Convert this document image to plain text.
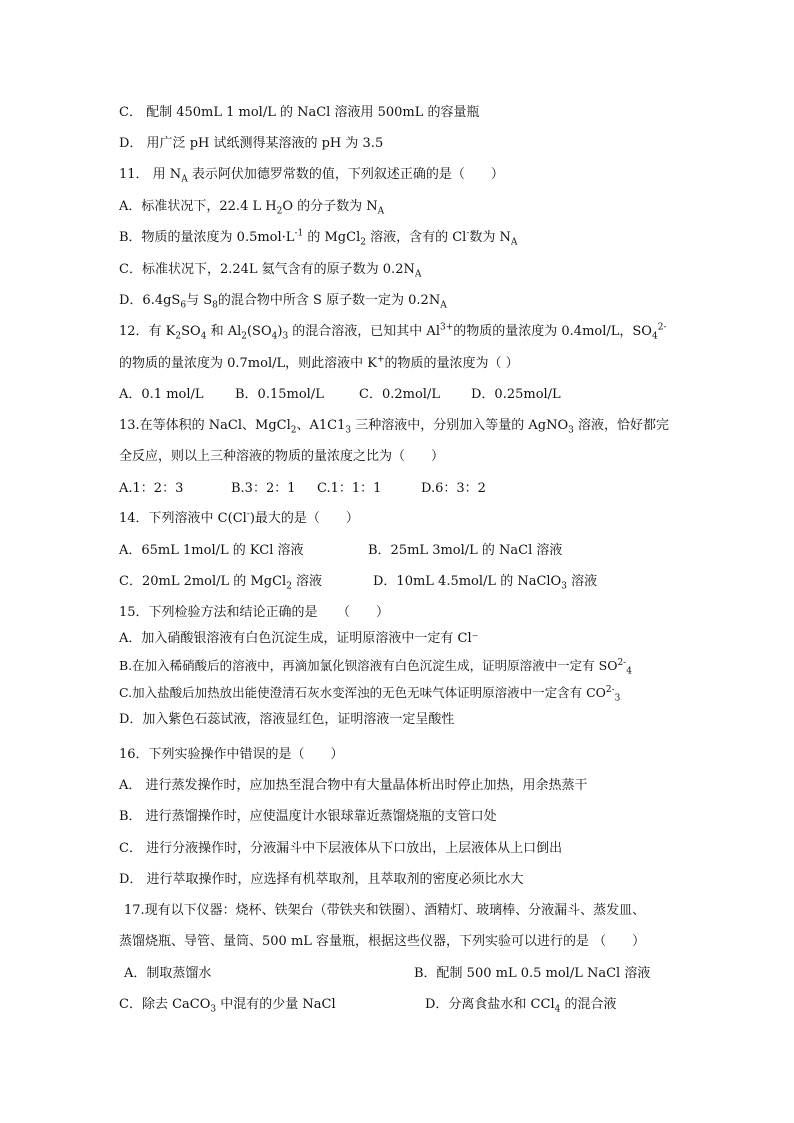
C． 配制 450mL 1 mol/L 的 NaCl 溶液用 500mL 的容量瓶
D． 用广泛 pH 试纸测得某溶液的 pH 为 3.5
11． 用 $N_A$ 表示阿伏加德罗常数的值，下列叙述正确的是（　　）
A．标准状况下，22.4 L $H_2O$ 的分子数为 $N_A$
B．物质的量浓度为 $0.5mol\cdot L^{-1}$ 的 MgCl$_2$ 溶液，含有的 Cl-数为 $N_A$
C．标准状况下，2.24L 氦气含有的原子数为 $0.2N_A$
D．$6.4gS_6$与 $S_8$的混合物中所含 S 原子数一定为 $0.2N_A$
12．有 $K_2SO_4$ 和 $Al_2(SO_4)_3$ 的混合溶液，已知其中 $Al^{3+}$的物质的量浓度为 0.4mol/L，$SO_4^{2-}$
的物质的量浓度为 0.7mol/L，则此溶液中 K+的物质的量浓度为（ ）
A．0.1 mol/L	B．0.15mol/L	C．0.2mol/L	D．0.25mol/L
13.在等体积的 NaCl、MgCl$_2$、$A1C1_3$ 三种溶液中，分别加入等量的 AgNO$_3$ 溶液，恰好都完
全反应，则以上三种溶液的物质的量浓度之比为（　　）
A.1：2：3	B.3：2：1	C.1：1：1	D.6：3：2
14．下列溶液中 C(Cl-)最大的是（　　）
A．65mL 1mol/L 的 KCl 溶液	B．25mL 3mol/L 的 NaCl 溶液
C．20mL 2mol/L 的 MgCl$_2$ 溶液	D．10mL 4.5mol/L 的 NaClO$_3$ 溶液
15．下列检验方法和结论正确的是　　（　　）
A．加入硝酸银溶液有白色沉淀生成，证明原溶液中一定有 Cl⁻
B.在加入稀硝酸后的溶液中，再滴加氯化钡溶液有白色沉淀生成，证明原溶液中一定有 $SO^{2-}_4$
C.加入盐酸后加热放出能使澄清石灰水变浑浊的无色无味气体证明原溶液中一定含有 $CO^{2-}_3$
D．加入紫色石蕊试液，溶液显红色，证明溶液一定呈酸性
16．下列实验操作中错误的是（　　）
A． 进行蒸发操作时，应加热至混合物中有大量晶体析出时停止加热，用余热蒸干
B． 进行蒸馏操作时，应使温度计水银球靠近蒸馏烧瓶的支管口处
C． 进行分液操作时，分液漏斗中下层液体从下口放出，上层液体从上口倒出
D． 进行萃取操作时，应选择有机萃取剂，且萃取剂的密度必须比水大
17.现有以下仪器：烧杯、铁架台（带铁夹和铁圈）、酒精灯、玻璃棒、分液漏斗、蒸发皿、
蒸馏烧瓶、导管、量筒、500 mL 容量瓶，根据这些仪器，下列实验可以进行的是 （　　）
A．制取蒸馏水	B．配制 500 mL 0.5 mol/L NaCl 溶液
C．除去 CaCO$_3$ 中混有的少量 NaCl	D．分离食盐水和 CCl$_4$ 的混合液
